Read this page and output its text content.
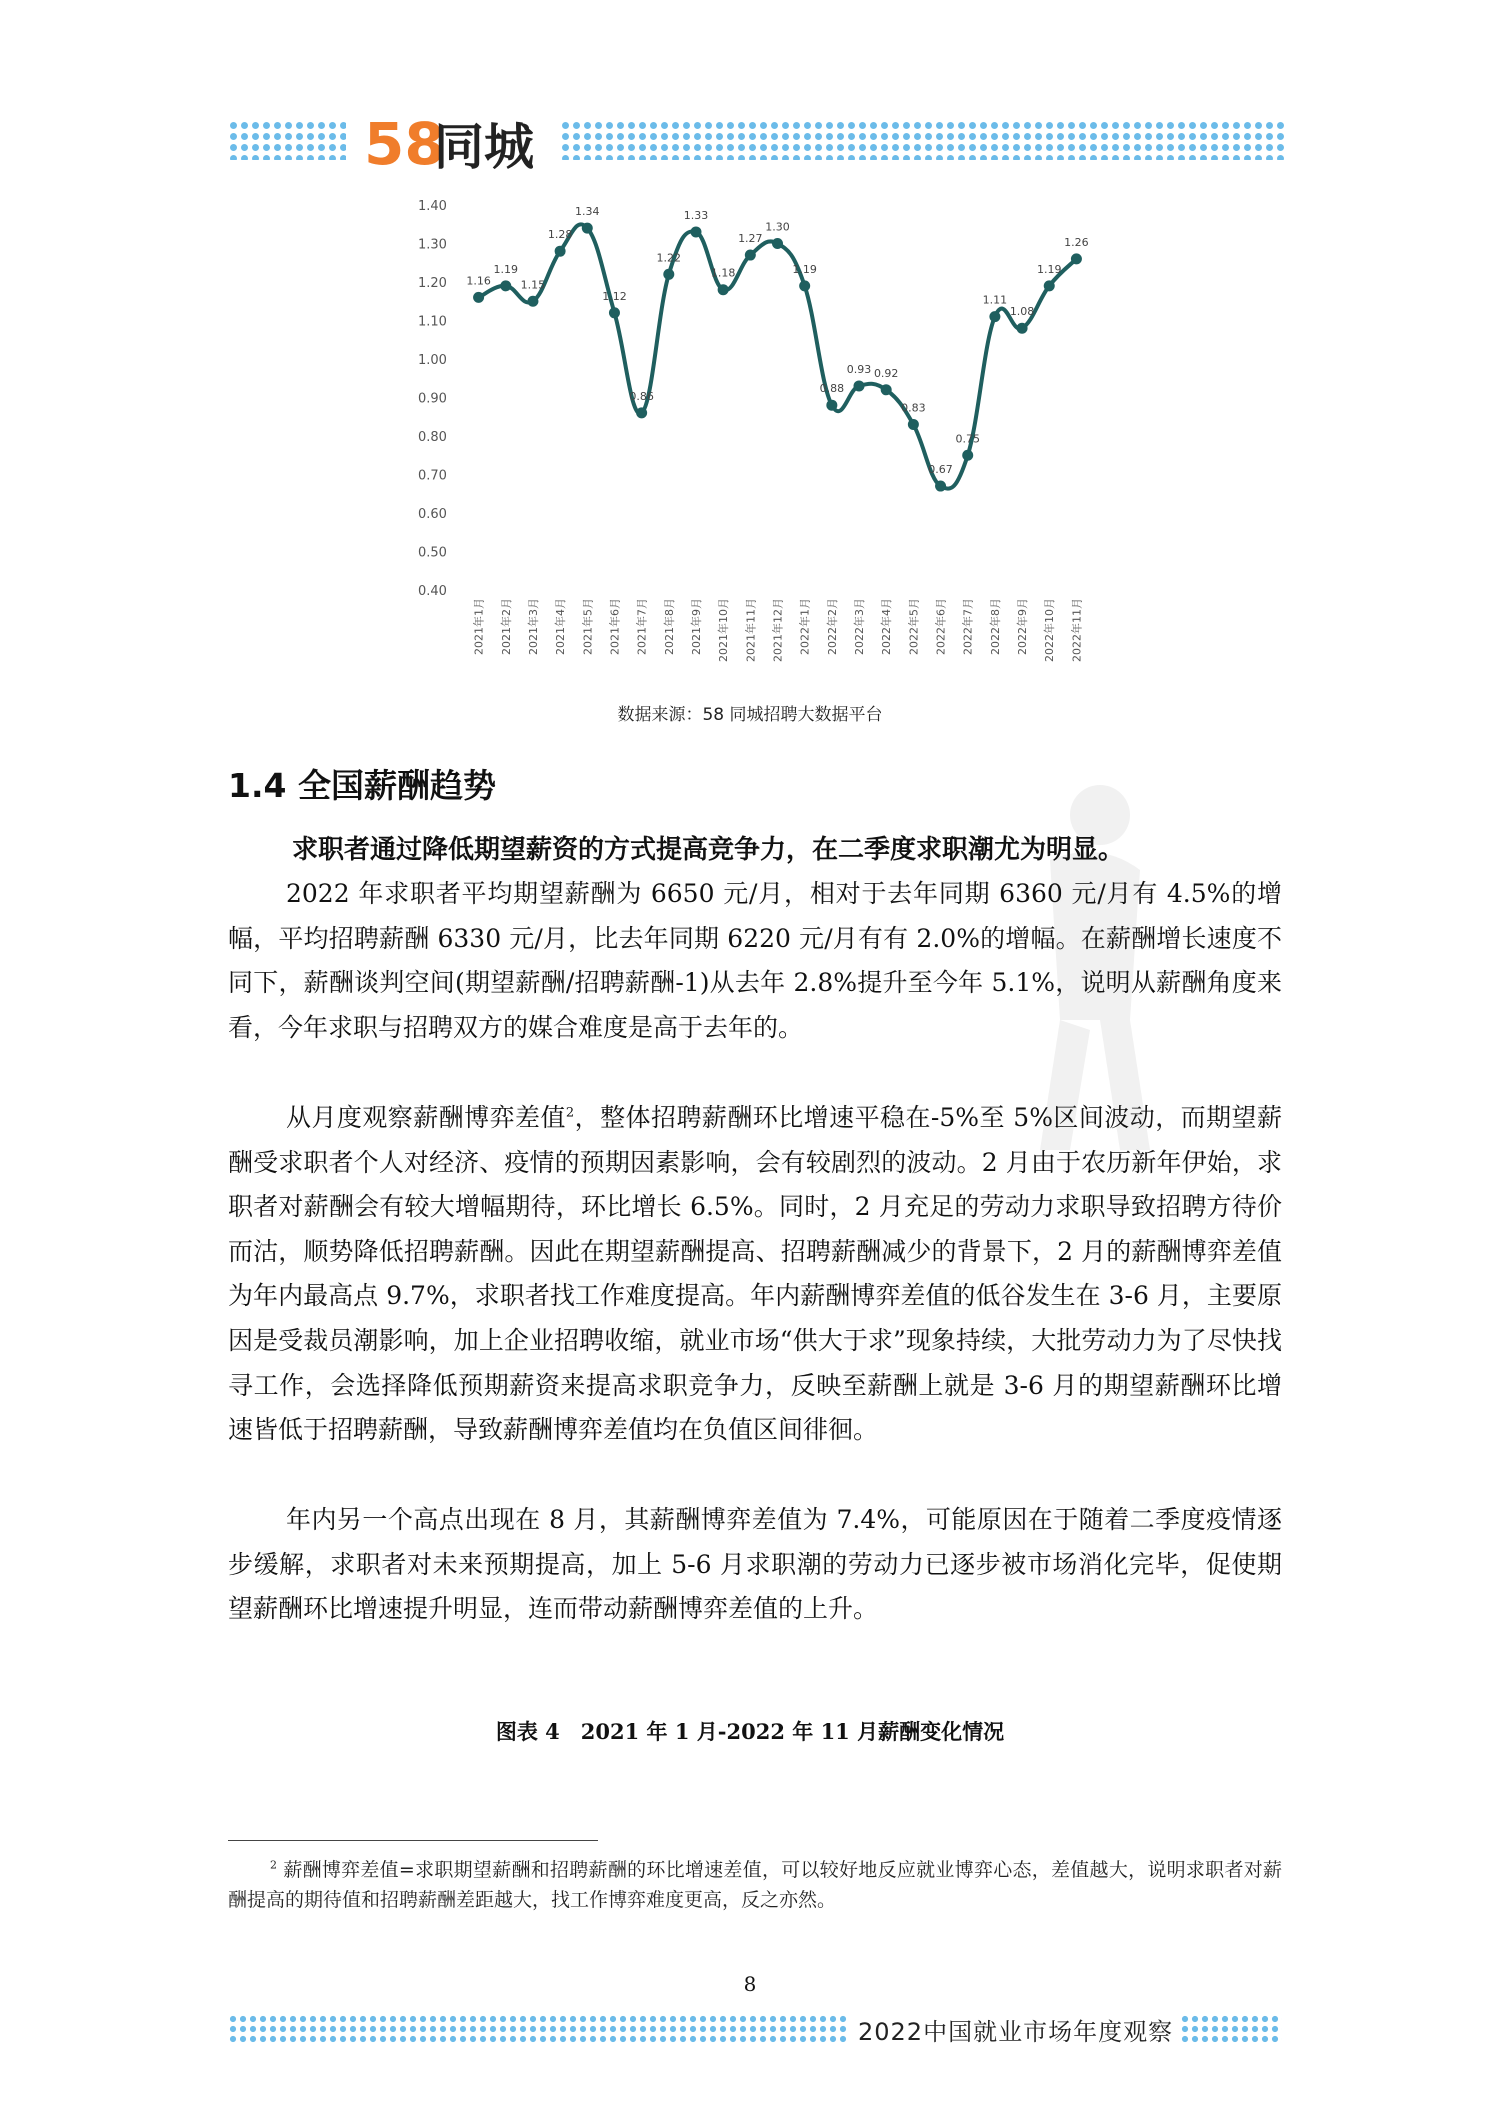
58
同城
0.40
0.50
0.60
0.70
0.80
0.90
1.00
1.10
1.20
1.30
1.40
2021年1月 2021年2月 2021年3月 2021年4月 2021年5月 2021年6月 2021年7月 2021年8月 2021年9月 2021年10月 2021年11月 2021年12月 2022年1月 2022年2月 2022年3月 2022年4月 2022年5月 2022年6月 2022年7月 2022年8月 2022年9月 2022年10月 2022年11月
1.16
1.19
1.15
1.28
1.34
1.12
0.86
1.22
1.33
1.18
1.27
1.30
1.19
0.88
0.93 0.92
0.83
0.67
0.75
1.11
1.08
1.19
1.26
数据来源：58 同城招聘大数据平台
1.4 全国薪酬趋势
求职者通过降低期望薪资的方式提高竞争力，在二季度求职潮尤为明显。

2022 年求职者平均期望薪酬为 6650 元/月，相对于去年同期 6360 元/月有 4.5%的增幅，平均招聘薪酬 6330 元/月，比去年同期 6220 元/月有有 2.0%的增幅。在薪酬增长速度不同下，薪酬谈判空间(期望薪酬/招聘薪酬-1)从去年 2.8%提升至今年 5.1%，说明从薪酬角度来看，今年求职与招聘双方的媒合难度是高于去年的。

从月度观察薪酬博弈差值$^2$，整体招聘薪酬环比增速平稳在-5%至 5%区间波动，而期望薪酬受求职者个人对经济、疫情的预期因素影响，会有较剧烈的波动。2 月由于农历新年伊始，求职者对薪酬会有较大增幅期待，环比增长 6.5%。同时，2 月充足的劳动力求职导致招聘方待价而沽，顺势降低招聘薪酬。因此在期望薪酬提高、招聘薪酬减少的背景下，2 月的薪酬博弈差值为年内最高点 9.7%，求职者找工作难度提高。年内薪酬博弈差值的低谷发生在 3-6 月，主要原因是受裁员潮影响，加上企业招聘收缩，就业市场“供大于求”现象持续，大批劳动力为了尽快找寻工作，会选择降低预期薪资来提高求职竞争力，反映至薪酬上就是 3-6 月的期望薪酬环比增速皆低于招聘薪酬，导致薪酬博弈差值均在负值区间徘徊。

年内另一个高点出现在 8 月，其薪酬博弈差值为 7.4%，可能原因在于随着二季度疫情逐步缓解，求职者对未来预期提高，加上 5-6 月求职潮的劳动力已逐步被市场消化完毕，促使期望薪酬环比增速提升明显，连而带动薪酬博弈差值的上升。

图表 4　2021 年 1 月-2022 年 11 月薪酬变化情况

$^2$ 薪酬博弈差值=求职期望薪酬和招聘薪酬的环比增速差值，可以较好地反应就业博弈心态，差值越大，说明求职者对薪酬提高的期待值和招聘薪酬差距越大，找工作博弈难度更高，反之亦然。

8
2022中国就业市场年度观察
